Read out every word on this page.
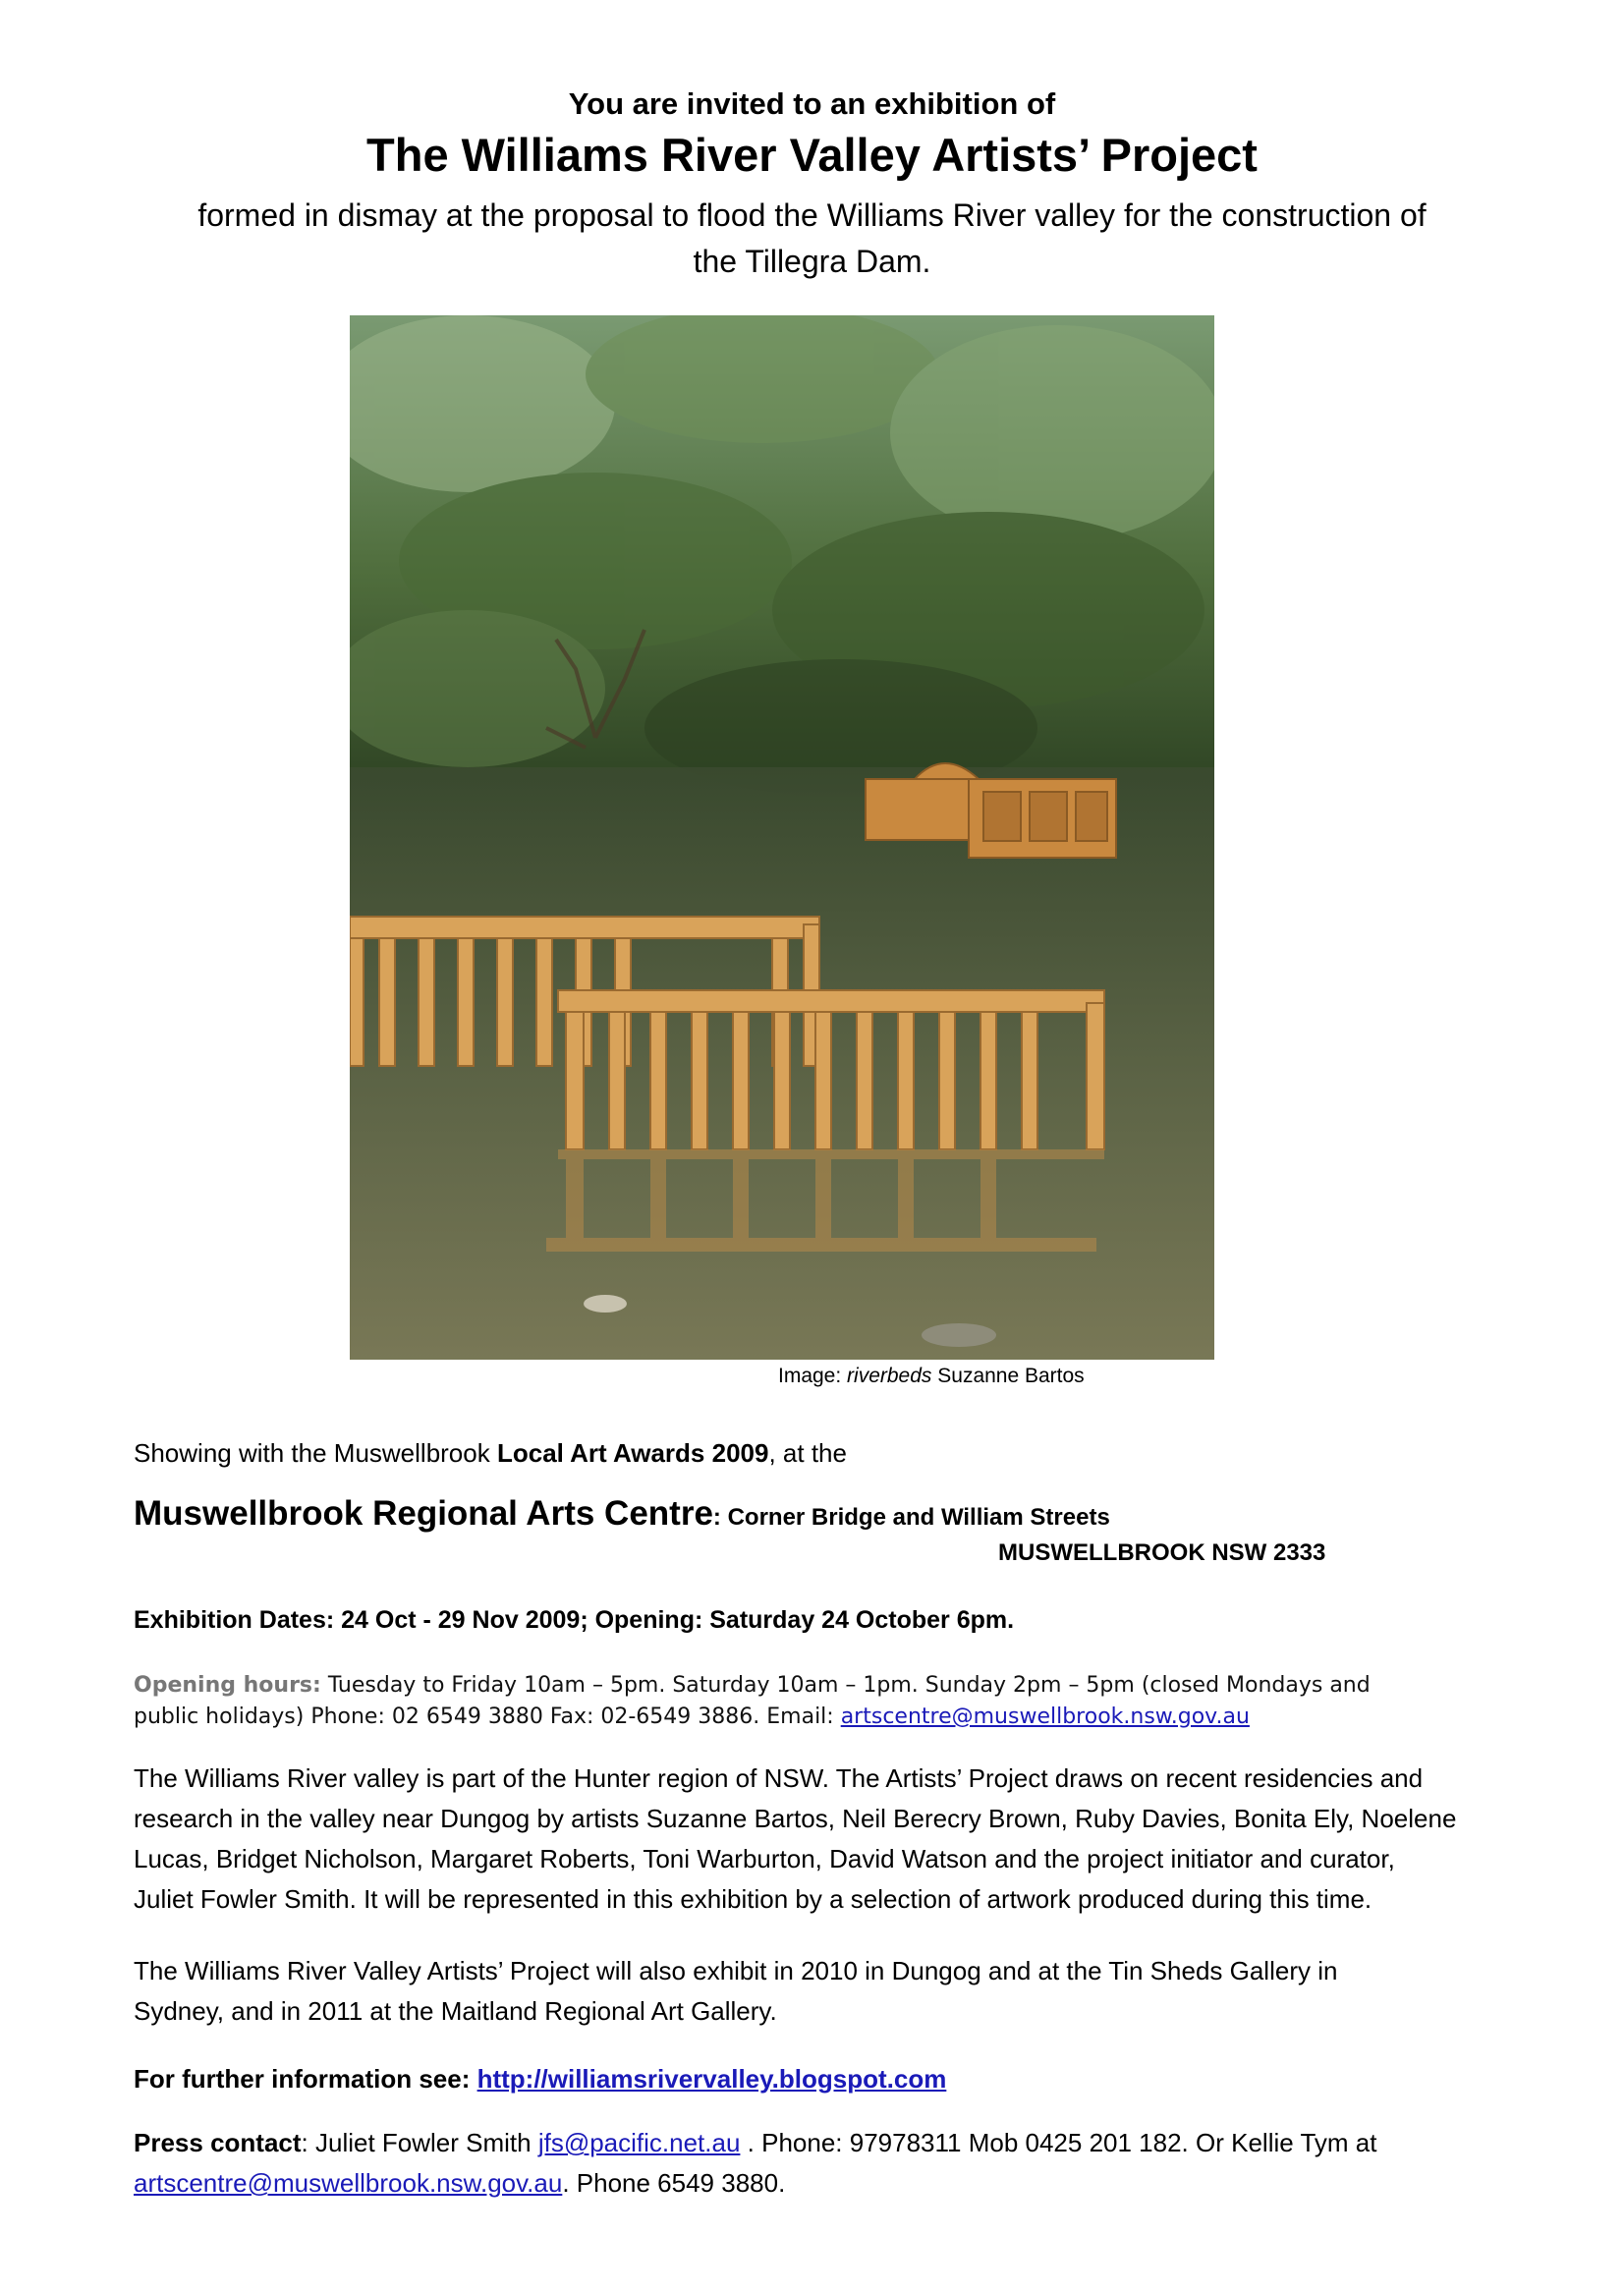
You are invited to an exhibition of
The Williams River Valley Artists’ Project
formed in dismay at the proposal to flood the Williams River valley for the construction of
the Tillegra Dam.
Image: riverbeds Suzanne Bartos
Showing with the Muswellbrook Local Art Awards 2009, at the
Muswellbrook Regional Arts Centre: Corner Bridge and William Streets
MUSWELLBROOK NSW 2333
Exhibition Dates: 24 Oct - 29 Nov 2009; Opening: Saturday 24 October 6pm.
Opening hours: Tuesday to Friday 10am – 5pm. Saturday 10am – 1pm. Sunday 2pm – 5pm (closed Mondays and
public holidays) Phone: 02 6549 3880 Fax: 02-6549 3886. Email: artscentre@muswellbrook.nsw.gov.au
The Williams River valley is part of the Hunter region of NSW. The Artists’ Project draws on recent residencies and
research in the valley near Dungog by artists Suzanne Bartos, Neil Berecry Brown, Ruby Davies, Bonita Ely, Noelene
Lucas, Bridget Nicholson, Margaret Roberts, Toni Warburton, David Watson and the project initiator and curator,
Juliet Fowler Smith. It will be represented in this exhibition by a selection of artwork produced during this time.
The Williams River Valley Artists’ Project will also exhibit in 2010 in Dungog and at the Tin Sheds Gallery in
Sydney, and in 2011 at the Maitland Regional Art Gallery.
For further information see: http://williamsrivervalley.blogspot.com
Press contact: Juliet Fowler Smith jfs@pacific.net.au . Phone: 97978311 Mob 0425 201 182. Or Kellie Tym at
artscentre@muswellbrook.nsw.gov.au. Phone 6549 3880.
